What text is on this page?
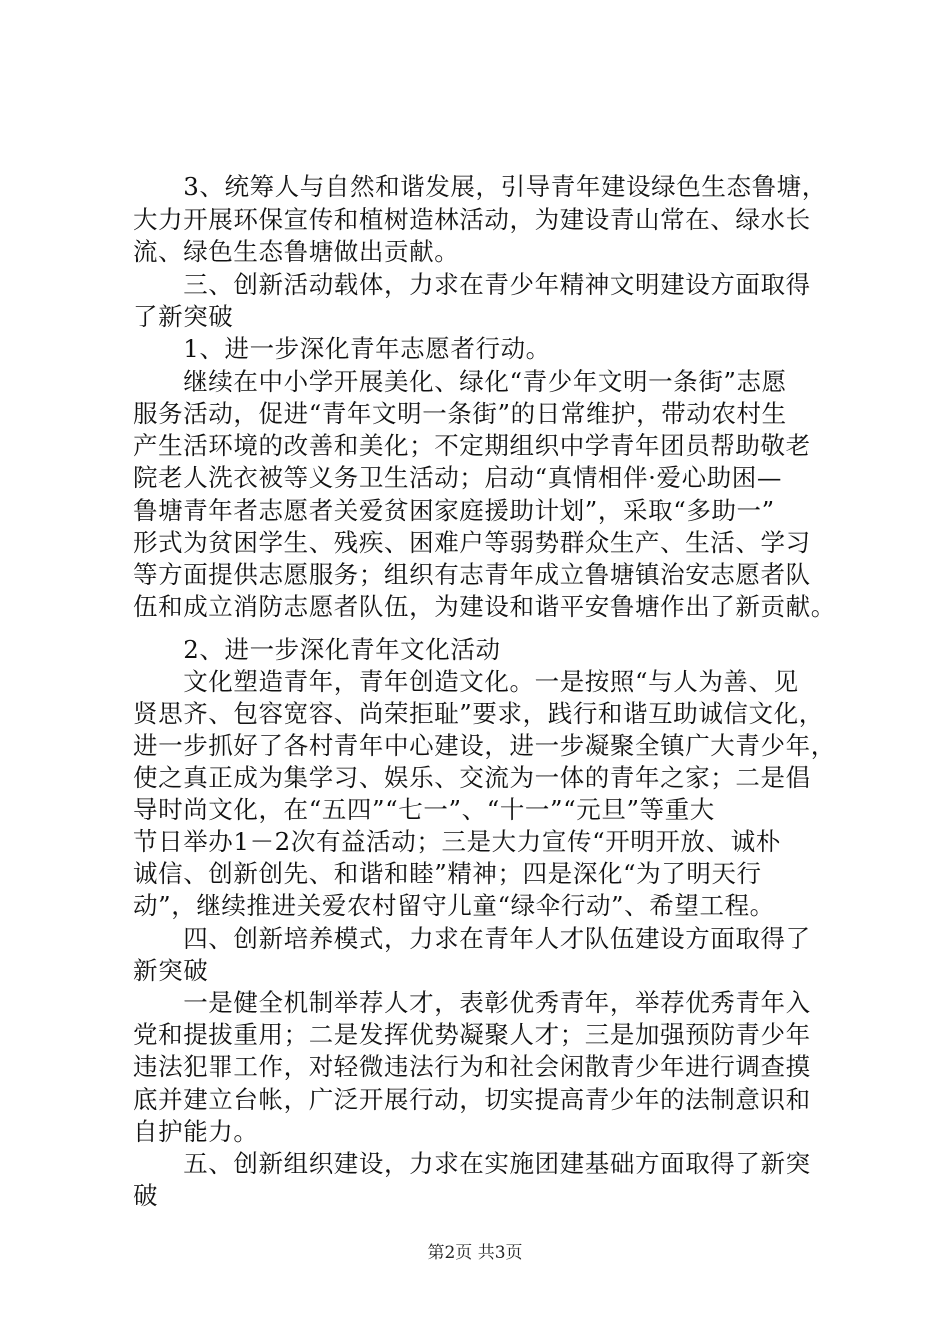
　　3、统筹人与自然和谐发展，引导青年建设绿色生态鲁塘，
大力开展环保宣传和植树造林活动，为建设青山常在、绿水长
流、绿色生态鲁塘做出贡献。
　　三、创新活动载体，力求在青少年精神文明建设方面取得
了新突破
　　1、进一步深化青年志愿者行动。
　　继续在中小学开展美化、绿化“青少年文明一条街”志愿
服务活动，促进“青年文明一条街”的日常维护，带动农村生
产生活环境的改善和美化；不定期组织中学青年团员帮助敬老
院老人洗衣被等义务卫生活动；启动“真情相伴·爱心助困—
鲁塘青年者志愿者关爱贫困家庭援助计划”，采取“多助一”
形式为贫困学生、残疾、困难户等弱势群众生产、生活、学习
等方面提供志愿服务；组织有志青年成立鲁塘镇治安志愿者队
伍和成立消防志愿者队伍，为建设和谐平安鲁塘作出了新贡献。
　　2、进一步深化青年文化活动
　　文化塑造青年，青年创造文化。一是按照“与人为善、见
贤思齐、包容宽容、尚荣拒耻”要求，践行和谐互助诚信文化，
进一步抓好了各村青年中心建设，进一步凝聚全镇广大青少年，
使之真正成为集学习、娱乐、交流为一体的青年之家；二是倡
导时尚文化，在“五四”“七一”、“十一”“元旦”等重大
节日举办1－2次有益活动；三是大力宣传“开明开放、诚朴
诚信、创新创先、和谐和睦”精神；四是深化“为了明天行
动”，继续推进关爱农村留守儿童“绿伞行动”、希望工程。
　　四、创新培养模式，力求在青年人才队伍建设方面取得了
新突破
　　一是健全机制举荐人才，表彰优秀青年，举荐优秀青年入
党和提拔重用；二是发挥优势凝聚人才；三是加强预防青少年
违法犯罪工作，对轻微违法行为和社会闲散青少年进行调查摸
底并建立台帐，广泛开展行动，切实提高青少年的法制意识和
自护能力。
　　五、创新组织建设，力求在实施团建基础方面取得了新突
破
第2页 共3页
